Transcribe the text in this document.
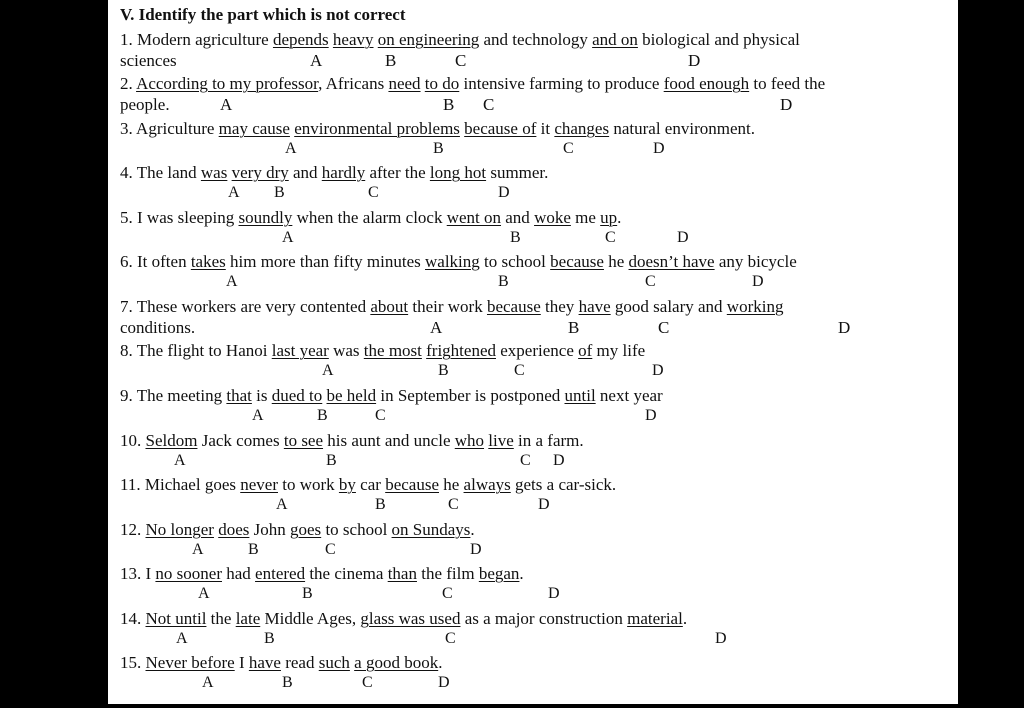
V. Identify the part which is not correct
1. Modern agriculture depends heavy on engineering and technology and on biological and physical
sciences	A	B	C	D
2. According to my professor, Africans need to do intensive farming to produce food enough to feed the
people.	A	B C	D
3. Agriculture may cause environmental problems because of it changes natural environment.
A	B	C	D
4. The land was very dry and hardly after the long hot summer.
A B	C	D
5. I was sleeping soundly when the alarm clock went on and woke me up.
A	B	C	D
6. It often takes him more than fifty minutes walking to school because he doesn’t have any bicycle
A	B	C	D
7. These workers are very contented about their work because they have good salary and working
conditions.	A	B	C	D
8. The flight to Hanoi last year was the most frightened experience of my life
A	B	C	D
9. The meeting that is dued to be held in September is postponed until next year
A	B	C	D
10. Seldom Jack comes to see his aunt and uncle who live in a farm.
A	B	C D
11. Michael goes never to work by car because he always gets a car-sick.
A	B	C	D
12. No longer does John goes to school on Sundays.
A	B	C	D
13. I no sooner had entered the cinema than the film began.
A	B	C	D
14. Not until the late Middle Ages, glass was used as a major construction material.
A	B	C	D
15. Never before I have read such a good book.
A	B	C	D
